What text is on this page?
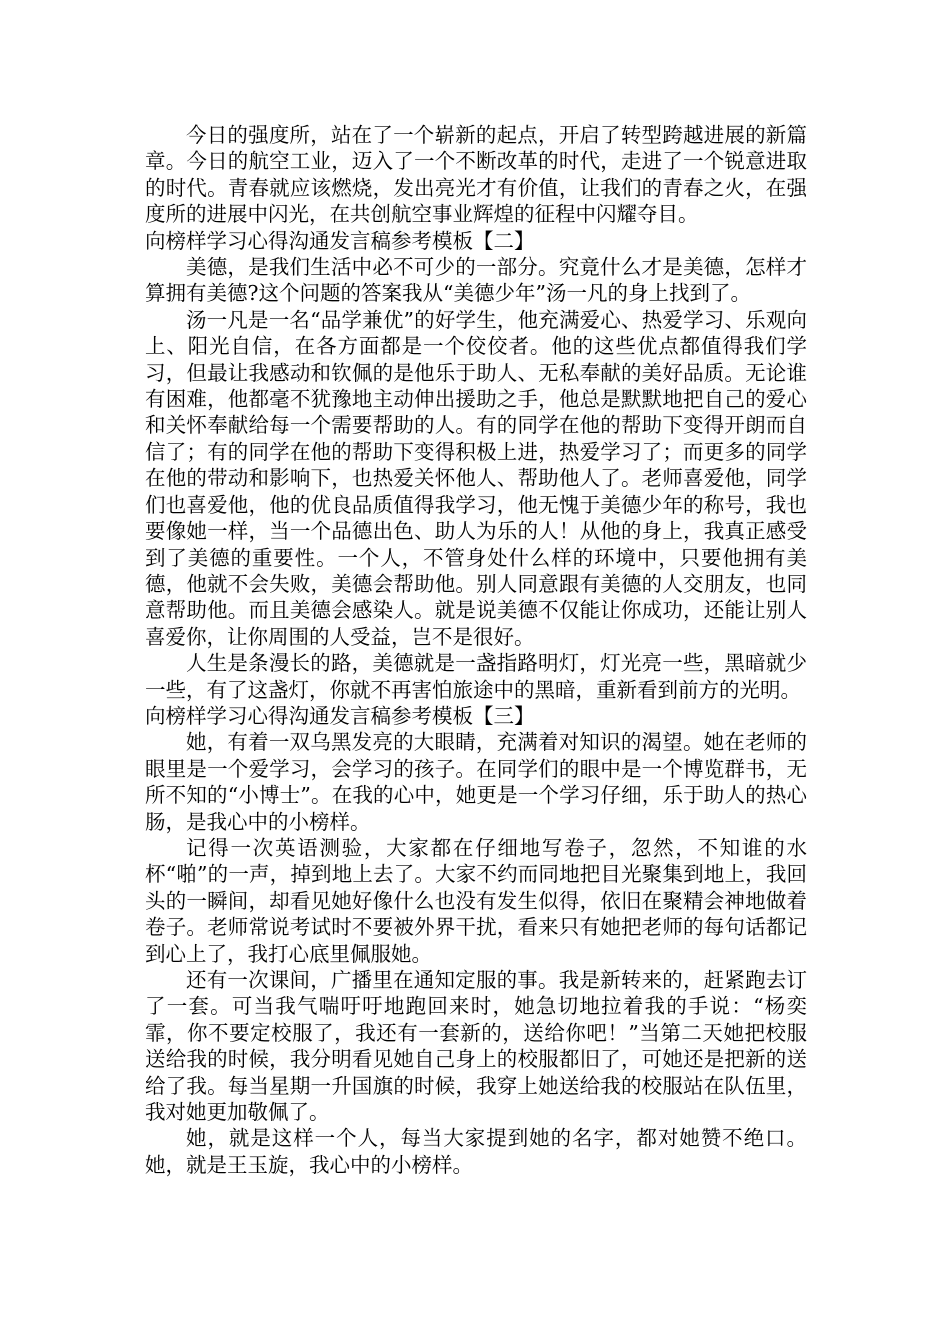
今日的强度所，站在了一个崭新的起点，开启了转型跨越进展的新篇章。今日的航空工业，迈入了一个不断改革的时代，走进了一个锐意进取的时代。青春就应该燃烧，发出亮光才有价值，让我们的青春之火，在强度所的进展中闪光，在共创航空事业辉煌的征程中闪耀夺目。

向榜样学习心得沟通发言稿参考模板【二】

美德，是我们生活中必不可少的一部分。究竟什么才是美德，怎样才算拥有美德?这个问题的答案我从“美德少年”汤一凡的身上找到了。

汤一凡是一名“品学兼优”的好学生，他充满爱心、热爱学习、乐观向上、阳光自信，在各方面都是一个佼佼者。他的这些优点都值得我们学习，但最让我感动和钦佩的是他乐于助人、无私奉献的美好品质。无论谁有困难，他都毫不犹豫地主动伸出援助之手，他总是默默地把自己的爱心和关怀奉献给每一个需要帮助的人。有的同学在他的帮助下变得开朗而自信了；有的同学在他的帮助下变得积极上进，热爱学习了；而更多的同学在他的带动和影响下，也热爱关怀他人、帮助他人了。老师喜爱他，同学们也喜爱他，他的优良品质值得我学习，他无愧于美德少年的称号，我也要像她一样，当一个品德出色、助人为乐的人！从他的身上，我真正感受到了美德的重要性。一个人，不管身处什么样的环境中，只要他拥有美德，他就不会失败，美德会帮助他。别人同意跟有美德的人交朋友，也同意帮助他。而且美德会感染人。就是说美德不仅能让你成功，还能让别人喜爱你，让你周围的人受益，岂不是很好。

人生是条漫长的路，美德就是一盏指路明灯，灯光亮一些，黑暗就少一些，有了这盏灯，你就不再害怕旅途中的黑暗，重新看到前方的光明。

向榜样学习心得沟通发言稿参考模板【三】

她，有着一双乌黑发亮的大眼睛，充满着对知识的渴望。她在老师的眼里是一个爱学习，会学习的孩子。在同学们的眼中是一个博览群书，无所不知的“小博士”。在我的心中，她更是一个学习仔细，乐于助人的热心肠，是我心中的小榜样。

记得一次英语测验，大家都在仔细地写卷子，忽然，不知谁的水杯“啪”的一声，掉到地上去了。大家不约而同地把目光聚集到地上，我回头的一瞬间，却看见她好像什么也没有发生似得，依旧在聚精会神地做着卷子。老师常说考试时不要被外界干扰，看来只有她把老师的每句话都记到心上了，我打心底里佩服她。

还有一次课间，广播里在通知定服的事。我是新转来的，赶紧跑去订了一套。可当我气喘吁吁地跑回来时，她急切地拉着我的手说：“杨奕霏，你不要定校服了，我还有一套新的，送给你吧！”当第二天她把校服送给我的时候，我分明看见她自己身上的校服都旧了，可她还是把新的送给了我。每当星期一升国旗的时候，我穿上她送给我的校服站在队伍里，我对她更加敬佩了。

她，就是这样一个人，每当大家提到她的名字，都对她赞不绝口。她，就是王玉旋，我心中的小榜样。
